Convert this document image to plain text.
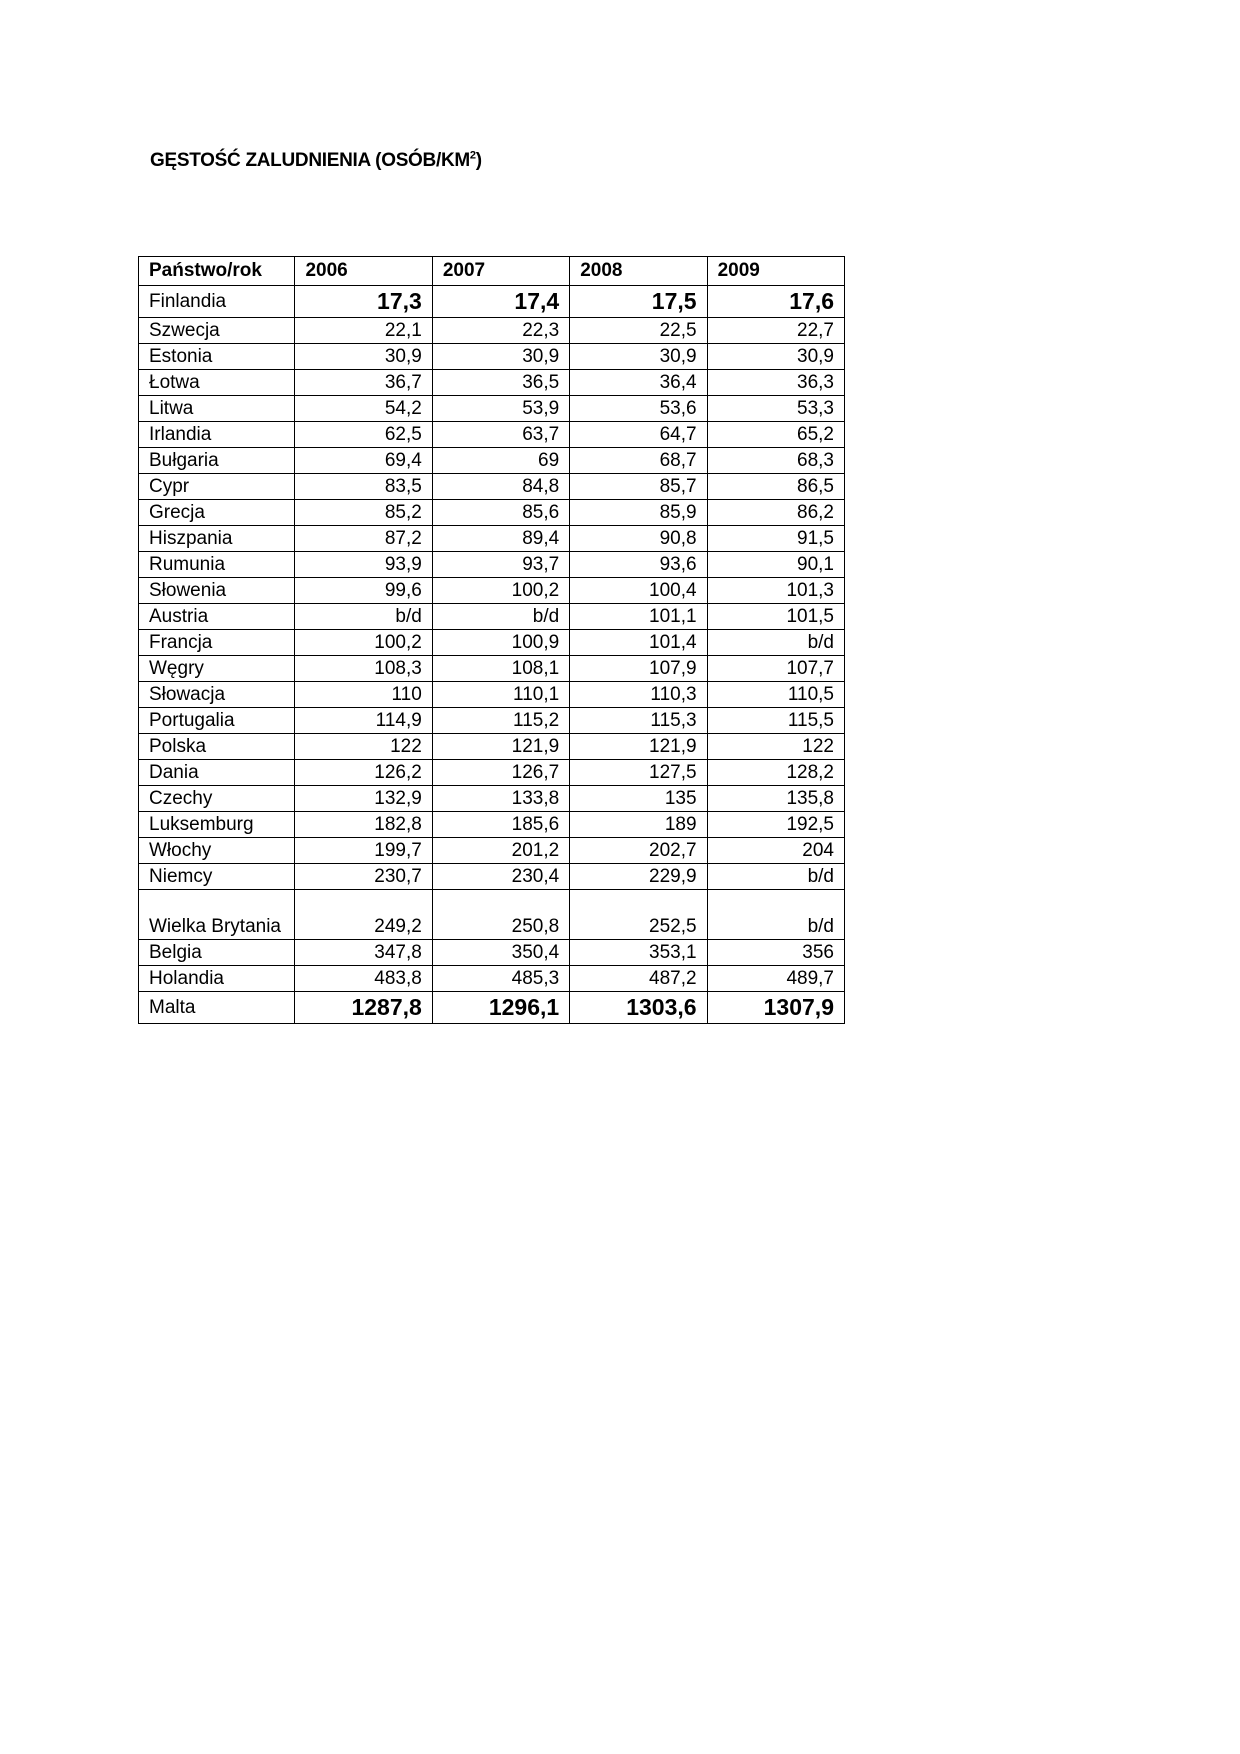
GĘSTOŚĆ ZALUDNIENIA $(OSÓB/KM^2)$
Państwo/rok	2006	2007	2008	2009
Finlandia	17,3	17,4	17,5	17,6
Szwecja	22,1	22,3	22,5	22,7
Estonia	30,9	30,9	30,9	30,9
Łotwa	36,7	36,5	36,4	36,3
Litwa	54,2	53,9	53,6	53,3
Irlandia	62,5	63,7	64,7	65,2
Bułgaria	69,4	69	68,7	68,3
Cypr	83,5	84,8	85,7	86,5
Grecja	85,2	85,6	85,9	86,2
Hiszpania	87,2	89,4	90,8	91,5
Rumunia	93,9	93,7	93,6	90,1
Słowenia	99,6	100,2	100,4	101,3
Austria	b/d	b/d	101,1	101,5
Francja	100,2	100,9	101,4	b/d
Węgry	108,3	108,1	107,9	107,7
Słowacja	110	110,1	110,3	110,5
Portugalia	114,9	115,2	115,3	115,5
Polska	122	121,9	121,9	122
Dania	126,2	126,7	127,5	128,2
Czechy	132,9	133,8	135	135,8
Luksemburg	182,8	185,6	189	192,5
Włochy	199,7	201,2	202,7	204
Niemcy	230,7	230,4	229,9	b/d
Wielka Brytania	249,2	250,8	252,5	b/d
Belgia	347,8	350,4	353,1	356
Holandia	483,8	485,3	487,2	489,7
Malta	1287,8	1296,1	1303,6	1307,9
